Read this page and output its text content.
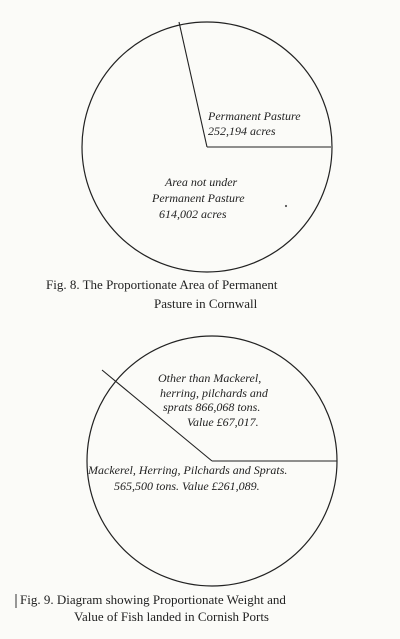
Permanent Pasture
252,194 acres
Area not under
Permanent Pasture
614,002 acres
Fig. 8. The Proportionate Area of Permanent
Pasture in Cornwall
Other than Mackerel,
herring, pilchards and
sprats 866,068 tons.
Value £67,017.
Mackerel, Herring, Pilchards and Sprats.
565,500 tons. Value £261,089.
Fig. 9. Diagram showing Proportionate Weight and
Value of Fish landed in Cornish Ports
